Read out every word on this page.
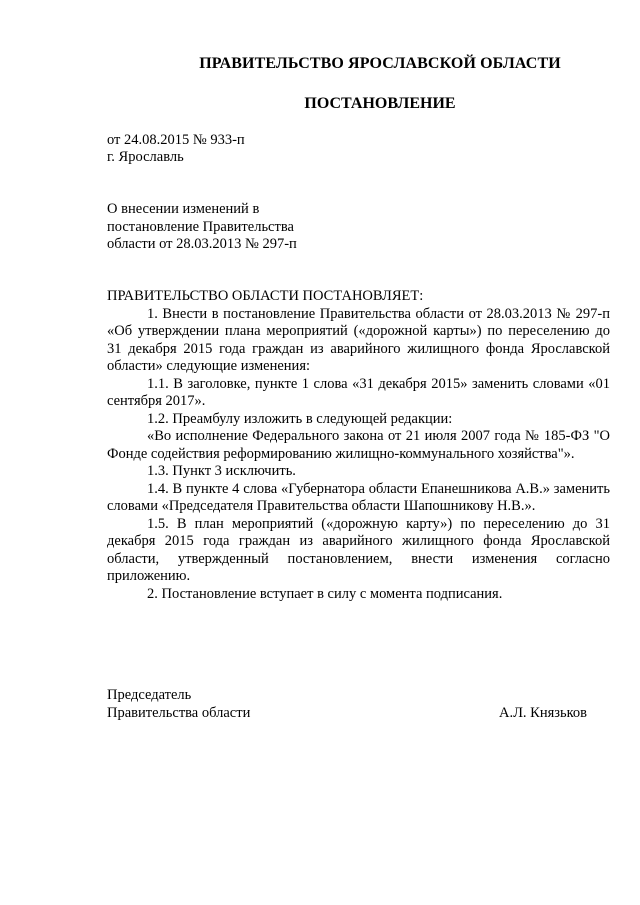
ПРАВИТЕЛЬСТВО ЯРОСЛАВСКОЙ ОБЛАСТИ
ПОСТАНОВЛЕНИЕ
от 24.08.2015 № 933-п
г. Ярославль
О внесении изменений в
постановление Правительства
области от 28.03.2013 № 297-п

ПРАВИТЕЛЬСТВО ОБЛАСТИ ПОСТАНОВЛЯЕТ:

1. Внести в постановление Правительства области от 28.03.2013 № 297-п «Об утверждении плана мероприятий («дорожной карты») по переселению до 31 декабря 2015 года граждан из аварийного жилищного фонда Ярославской области» следующие изменения:

1.1. В заголовке, пункте 1 слова «31 декабря 2015» заменить словами «01 сентября 2017».

1.2. Преамбулу изложить в следующей редакции:

«Во исполнение Федерального закона от 21 июля 2007 года № 185-ФЗ "О Фонде содействия реформированию жилищно-коммунального хозяйства"».

1.3. Пункт 3 исключить.

1.4. В пункте 4 слова «Губернатора области Епанешникова А.В.» заменить словами «Председателя Правительства области Шапошникову Н.В.».

1.5. В план мероприятий («дорожную карту») по переселению до 31 декабря 2015 года граждан из аварийного жилищного фонда Ярославской области, утвержденный постановлением, внести изменения согласно приложению.

2. Постановление вступает в силу с момента подписания.

Председатель
Правительства области	А.Л. Князьков
